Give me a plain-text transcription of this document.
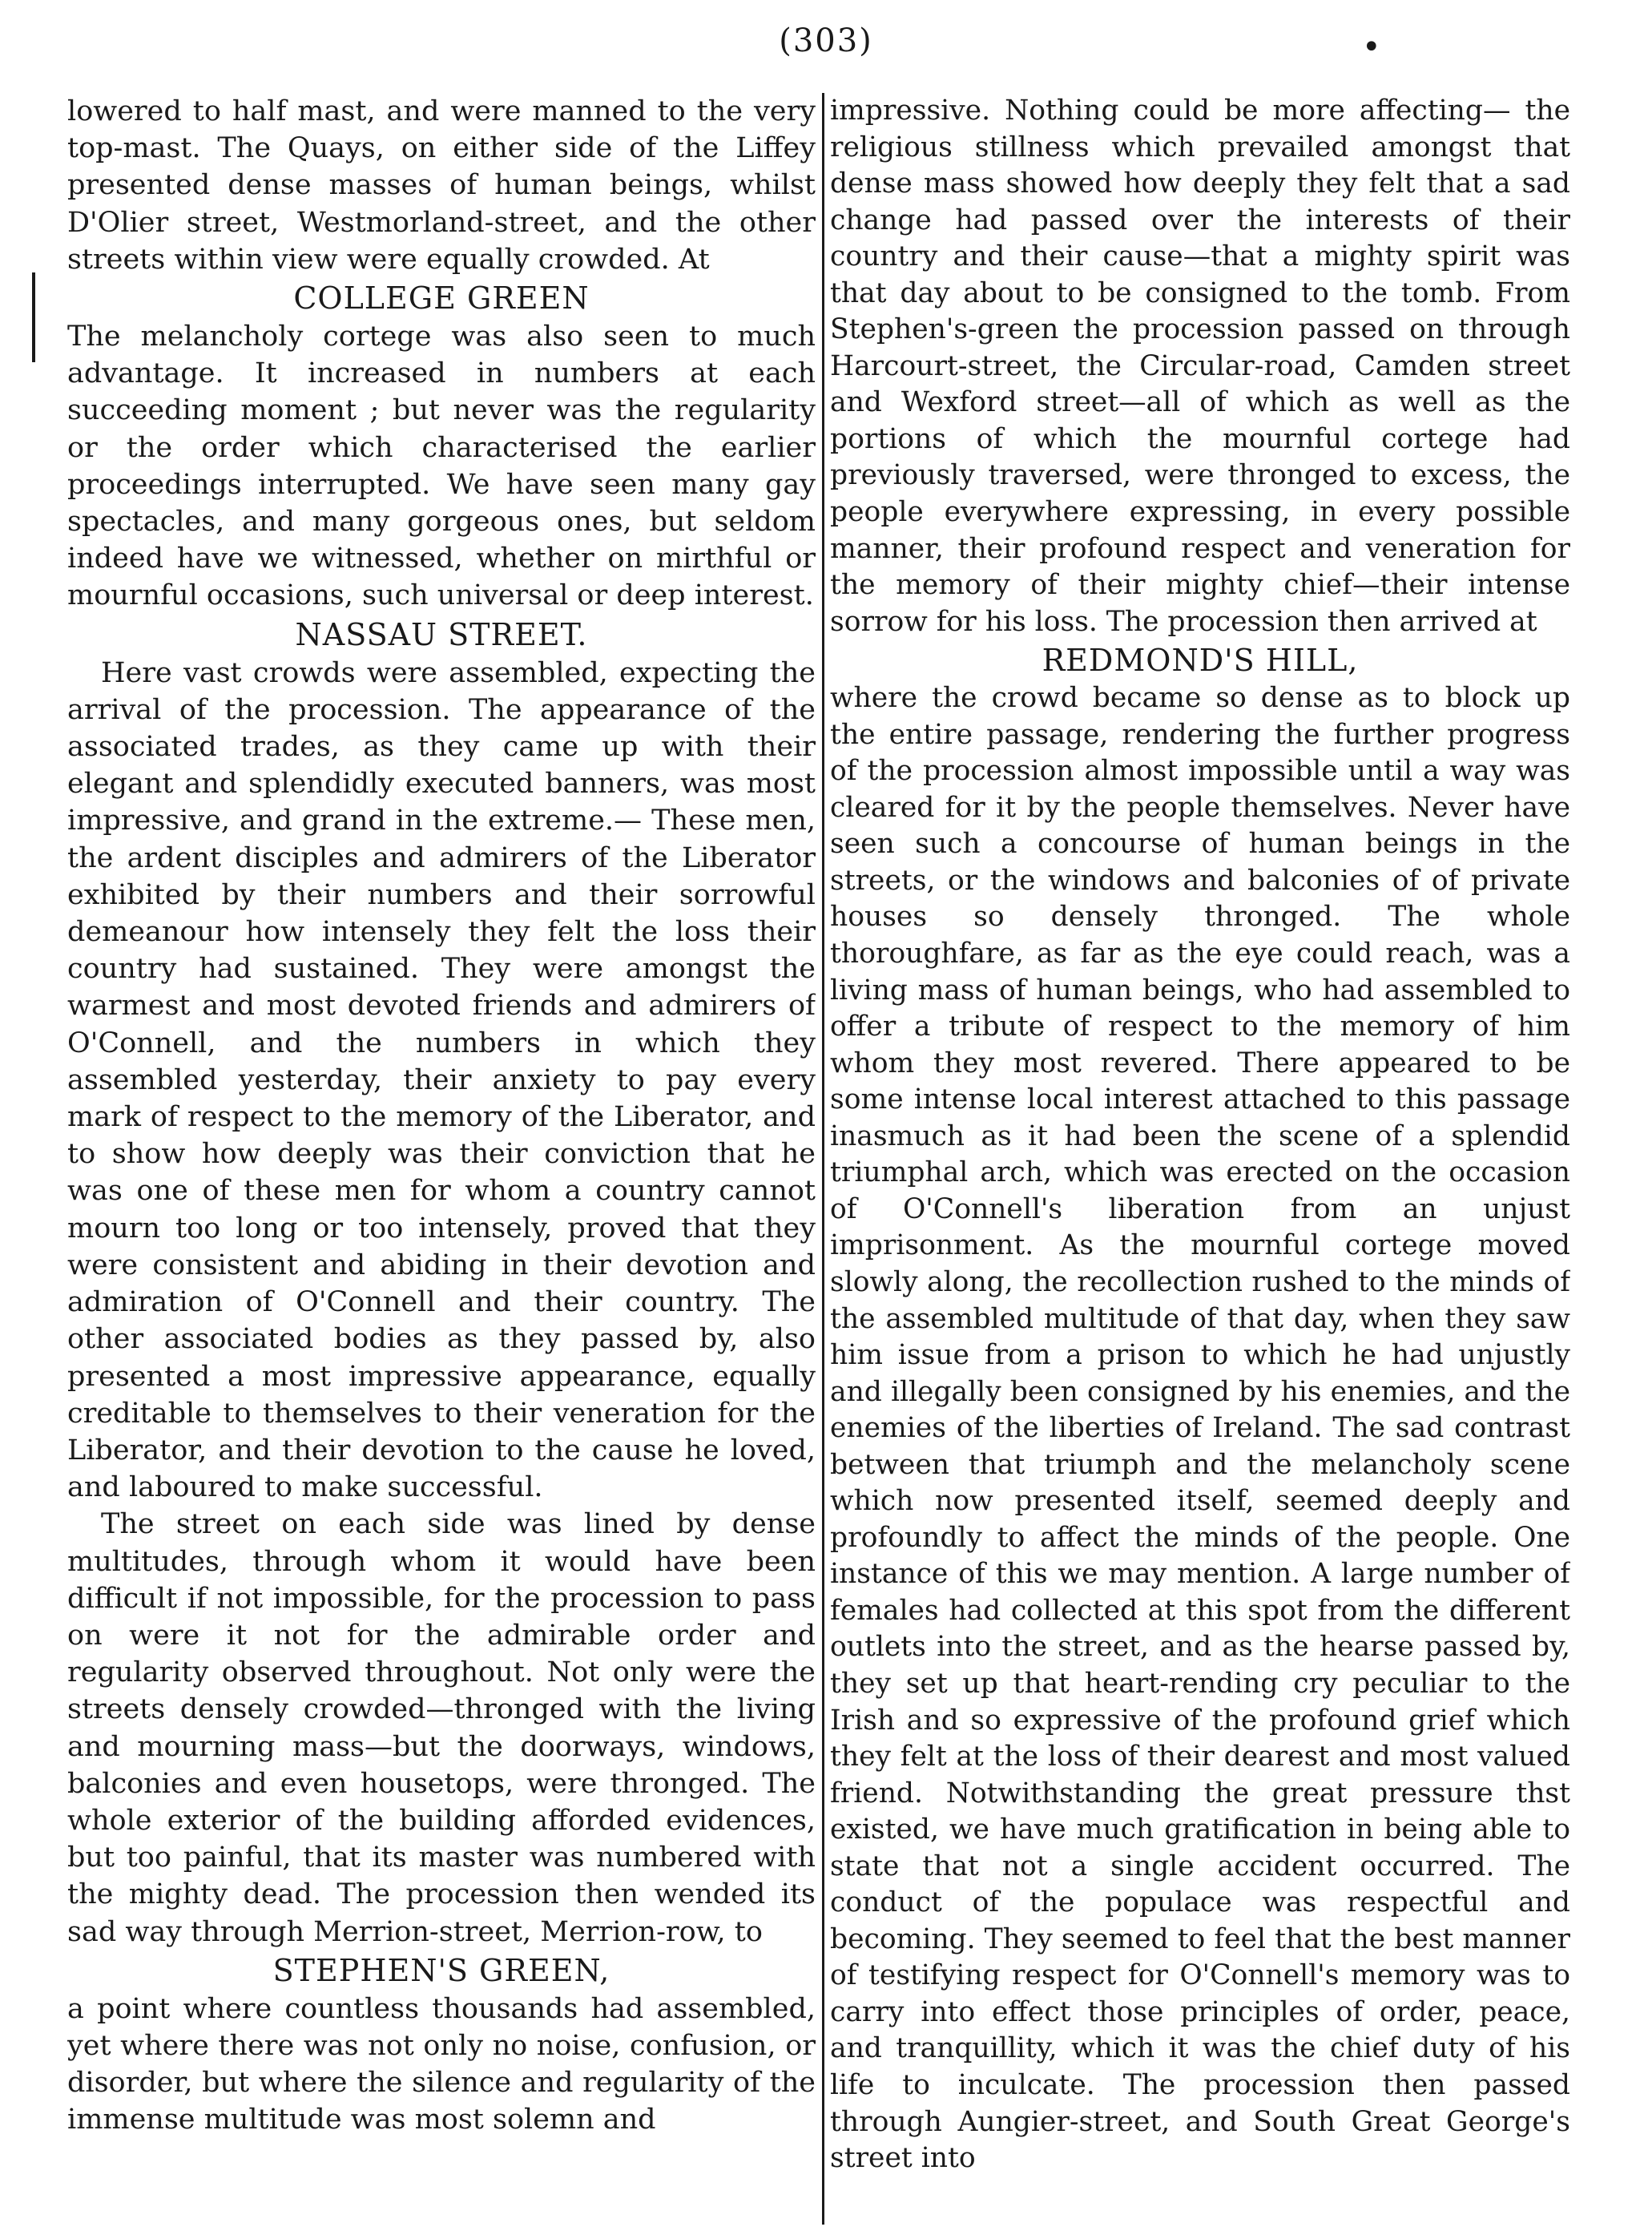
(303)	•

lowered to half mast, and were manned to the very top-mast. The Quays, on either side of the Liffey presented dense masses of human beings, whilst D'Olier street, Westmorland-street, and the other streets within view were equally crowded. At

COLLEGE GREEN

The melancholy cortege was also seen to much advantage. It increased in numbers at each succeeding moment ; but never was the regularity or the order which characterised the earlier proceedings interrupted. We have seen many gay spectacles, and many gorgeous ones, but seldom indeed have we witnessed, whether on mirthful or mournful occasions, such universal or deep interest.

NASSAU STREET.

Here vast crowds were assembled, expecting the arrival of the procession. The appearance of the associated trades, as they came up with their elegant and splendidly executed banners, was most impressive, and grand in the extreme.— These men, the ardent disciples and admirers of the Liberator exhibited by their numbers and their sorrowful demeanour how intensely they felt the loss their country had sustained. They were amongst the warmest and most devoted friends and admirers of O'Connell, and the numbers in which they assembled yesterday, their anxiety to pay every mark of respect to the memory of the Liberator, and to show how deeply was their conviction that he was one of these men for whom a country cannot mourn too long or too intensely, proved that they were consistent and abiding in their devotion and admiration of O'Connell and their country. The other associated bodies as they passed by, also presented a most impressive appearance, equally creditable to themselves to their veneration for the Liberator, and their devotion to the cause he loved, and laboured to make successful.

The street on each side was lined by dense multitudes, through whom it would have been difficult if not impossible, for the procession to pass on were it not for the admirable order and regularity observed throughout. Not only were the streets densely crowded—thronged with the living and mourning mass—but the doorways, windows, balconies and even housetops, were thronged. The whole exterior of the building afforded evidences, but too painful, that its master was numbered with the mighty dead. The procession then wended its sad way through Merrion-street, Merrion-row, to

STEPHEN'S GREEN,

a point where countless thousands had assembled, yet where there was not only no noise, confusion, or disorder, but where the silence and regularity of the immense multitude was most solemn and

impressive. Nothing could be more affecting— the religious stillness which prevailed amongst that dense mass showed how deeply they felt that a sad change had passed over the interests of their country and their cause—that a mighty spirit was that day about to be consigned to the tomb. From Stephen's-green the procession passed on through Harcourt-street, the Circular-road, Camden street and Wexford street—all of which as well as the portions of which the mournful cortege had previously traversed, were thronged to excess, the people everywhere expressing, in every possible manner, their profound respect and veneration for the memory of their mighty chief—their intense sorrow for his loss. The procession then arrived at

REDMOND'S HILL,

where the crowd became so dense as to block up the entire passage, rendering the further progress of the procession almost impossible until a way was cleared for it by the people themselves. Never have seen such a concourse of human beings in the streets, or the windows and balconies of of private houses so densely thronged. The whole thoroughfare, as far as the eye could reach, was a living mass of human beings, who had assembled to offer a tribute of respect to the memory of him whom they most revered. There appeared to be some intense local interest attached to this passage inasmuch as it had been the scene of a splendid triumphal arch, which was erected on the occasion of O'Connell's liberation from an unjust imprisonment. As the mournful cortege moved slowly along, the recollection rushed to the minds of the assembled multitude of that day, when they saw him issue from a prison to which he had unjustly and illegally been consigned by his enemies, and the enemies of the liberties of Ireland. The sad contrast between that triumph and the melancholy scene which now presented itself, seemed deeply and profoundly to affect the minds of the people. One instance of this we may mention. A large number of females had collected at this spot from the different outlets into the street, and as the hearse passed by, they set up that heart-rending cry peculiar to the Irish and so expressive of the profound grief which they felt at the loss of their dearest and most valued friend. Notwithstanding the great pressure thst existed, we have much gratification in being able to state that not a single accident occurred. The conduct of the populace was respectful and becoming. They seemed to feel that the best manner of testifying respect for O'Connell's memory was to carry into effect those principles of order, peace, and tranquillity, which it was the chief duty of his life to inculcate. The procession then passed through Aungier-street, and South Great George's street into
